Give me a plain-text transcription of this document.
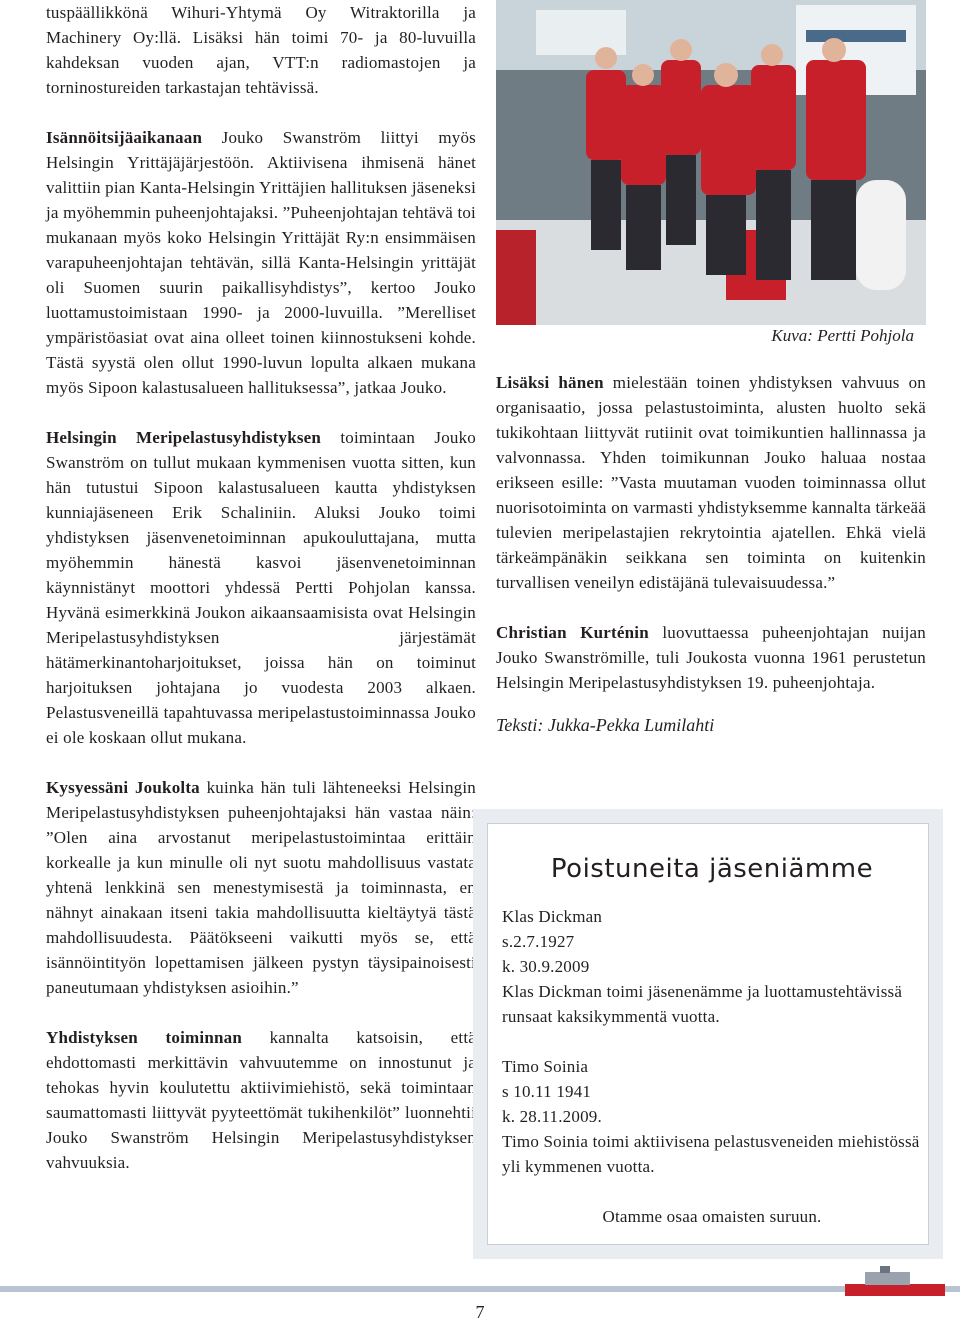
tuspäällikkönä Wihuri-Yhtymä Oy Witraktorilla ja Machinery Oy:llä. Lisäksi hän toimi 70- ja 80-luvuilla kahdeksan vuoden ajan, VTT:n radiomastojen ja torninostureiden tarkastajan tehtävissä.

Isännöitsijäaikanaan Jouko Swanström liittyi myös Helsingin Yrittäjäjärjestöön. Aktiivisena ihmisenä hänet valittiin pian Kanta-Helsingin Yrittäjien hallituksen jäseneksi ja myöhemmin puheenjohtajaksi. ”Puheenjohtajan tehtävä toi mukanaan myös koko Helsingin Yrittäjät Ry:n ensimmäisen varapuheenjohtajan tehtävän, sillä Kanta-Helsingin yrittäjät oli Suomen suurin paikallisyhdistys”, kertoo Jouko luottamustoimistaan 1990- ja 2000-luvuilla. ”Merelliset ympäristöasiat ovat aina olleet toinen kiinnostukseni kohde. Tästä syystä olen ollut 1990-luvun lopulta alkaen mukana myös Sipoon kalastusalueen hallituksessa”, jatkaa Jouko.

Helsingin Meripelastusyhdistyksen toimintaan Jouko Swanström on tullut mukaan kymmenisen vuotta sitten, kun hän tutustui Sipoon kalastusalueen kautta yhdistyksen kunniajäseneen Erik Schaliniin. Aluksi Jouko toimi yhdistyksen jäsenvenetoiminnan apukouluttajana, mutta myöhemmin hänestä kasvoi jäsenvenetoiminnan käynnistänyt moottori yhdessä Pertti Pohjolan kanssa. Hyvänä esimerkkinä Joukon aikaansaamisista ovat Helsingin Meripelastusyhdistyksen järjestämät hätämerkinantoharjoitukset, joissa hän on toiminut harjoituksen johtajana jo vuodesta 2003 alkaen. Pelastusveneillä tapahtuvassa meripelastustoiminnassa Jouko ei ole koskaan ollut mukana.

Kysyessäni Joukolta kuinka hän tuli lähteneeksi Helsingin Meripelastusyhdistyksen puheenjohtajaksi hän vastaa näin: ”Olen aina arvostanut meripelastustoimintaa erittäin korkealle ja kun minulle oli nyt suotu mahdollisuus vastata yhtenä lenkkinä sen menestymisestä ja toiminnasta, en nähnyt ainakaan itseni takia mahdollisuutta kieltäytyä tästä mahdollisuudesta. Päätökseeni vaikutti myös se, että isännöintityön lopettamisen jälkeen pystyn täysipainoisesti paneutumaan yhdistyksen asioihin.”

Yhdistyksen toiminnan kannalta katsoisin, että ehdottomasti merkittävin vahvuutemme on innostunut ja tehokas hyvin koulutettu aktiivimiehistö, sekä toimintaan saumattomasti liittyvät pyyteettömät tukihenkilöt” luonnehtii Jouko Swanström Helsingin Meripelastusyhdistyksen vahvuuksia.

Kuva: Pertti Pohjola

Lisäksi hänen mielestään toinen yhdistyksen vahvuus on organisaatio, jossa pelastustoiminta, alusten huolto sekä tukikohtaan liittyvät rutiinit ovat toimikuntien hallinnassa ja valvonnassa. Yhden toimikunnan Jouko haluaa nostaa erikseen esille: ”Vasta muutaman vuoden toiminnassa ollut nuorisotoiminta on varmasti yhdistyksemme kannalta tärkeää tulevien meripelastajien rekrytointia ajatellen. Ehkä vielä tärkeämpänäkin seikkana sen toiminta on kuitenkin turvallisen veneilyn edistäjänä tulevaisuudessa.”

Christian Kurténin luovuttaessa puheenjohtajan nuijan Jouko Swanströmille, tuli Joukosta vuonna 1961 perustetun Helsingin Meripelastusyhdistyksen 19. puheenjohtaja.

Teksti: Jukka-Pekka Lumilahti
Poistuneita jäseniämme

Klas Dickman

s.2.7.1927

k. 30.9.2009

Klas Dickman toimi jäsenenämme ja luottamustehtävissä runsaat kaksikymmentä vuotta.

Timo Soinia

s 10.11 1941

k. 28.11.2009.

Timo Soinia toimi aktiivisena pelastusveneiden miehistössä yli kymmenen vuotta.

Otamme osaa omaisten suruun.

7
